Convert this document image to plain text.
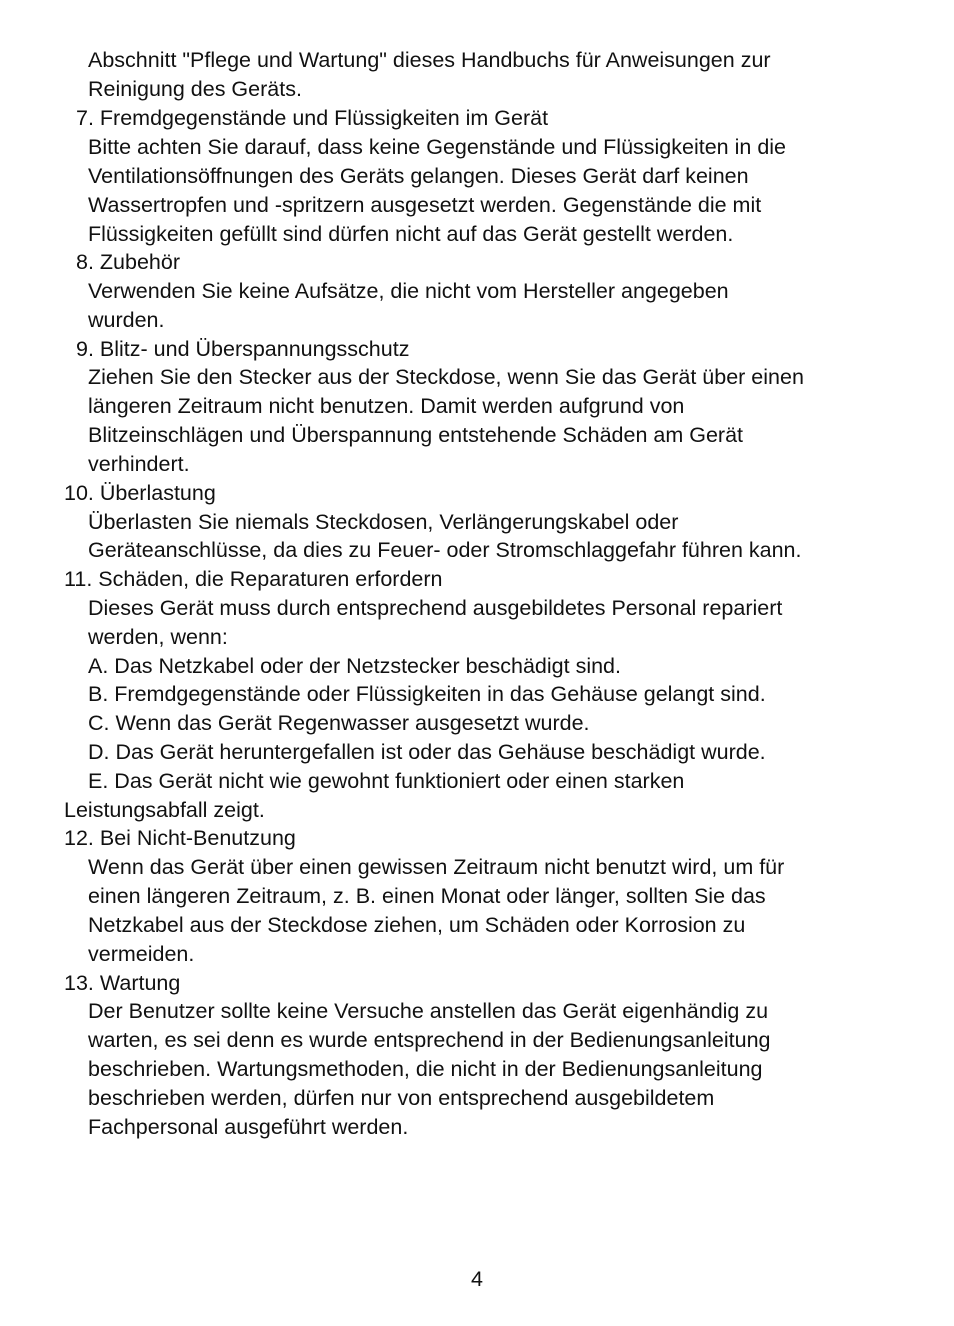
Abschnitt "Pflege und Wartung" dieses Handbuchs für Anweisungen zur
Reinigung des Geräts.
7. Fremdgegenstände und Flüssigkeiten im Gerät
Bitte achten Sie darauf, dass keine Gegenstände und Flüssigkeiten in die
Ventilationsöffnungen des Geräts gelangen. Dieses Gerät darf keinen
Wassertropfen und -spritzern ausgesetzt werden. Gegenstände die mit
Flüssigkeiten gefüllt sind dürfen nicht auf das Gerät gestellt werden.
8. Zubehör
Verwenden Sie keine Aufsätze, die nicht vom Hersteller angegeben
wurden.
9. Blitz- und Überspannungsschutz
Ziehen Sie den Stecker aus der Steckdose, wenn Sie das Gerät über einen
längeren Zeitraum nicht benutzen. Damit werden aufgrund von
Blitzeinschlägen und Überspannung entstehende Schäden am Gerät
verhindert.
10. Überlastung
Überlasten Sie niemals Steckdosen, Verlängerungskabel oder
Geräteanschlüsse, da dies zu Feuer- oder Stromschlaggefahr führen kann.
11. Schäden, die Reparaturen erfordern
Dieses Gerät muss durch entsprechend ausgebildetes Personal repariert
werden, wenn:
A. Das Netzkabel oder der Netzstecker beschädigt sind.
B. Fremdgegenstände oder Flüssigkeiten in das Gehäuse gelangt sind.
C. Wenn das Gerät Regenwasser ausgesetzt wurde.
D. Das Gerät heruntergefallen ist oder das Gehäuse beschädigt wurde.
E. Das Gerät nicht wie gewohnt funktioniert oder einen starken
Leistungsabfall zeigt.
12. Bei Nicht-Benutzung
Wenn das Gerät über einen gewissen Zeitraum nicht benutzt wird, um für
einen längeren Zeitraum, z. B. einen Monat oder länger, sollten Sie das
Netzkabel aus der Steckdose ziehen, um Schäden oder Korrosion zu
vermeiden.
13. Wartung
Der Benutzer sollte keine Versuche anstellen das Gerät eigenhändig zu
warten, es sei denn es wurde entsprechend in der Bedienungsanleitung
beschrieben. Wartungsmethoden, die nicht in der Bedienungsanleitung
beschrieben werden, dürfen nur von entsprechend ausgebildetem
Fachpersonal ausgeführt werden.
4
